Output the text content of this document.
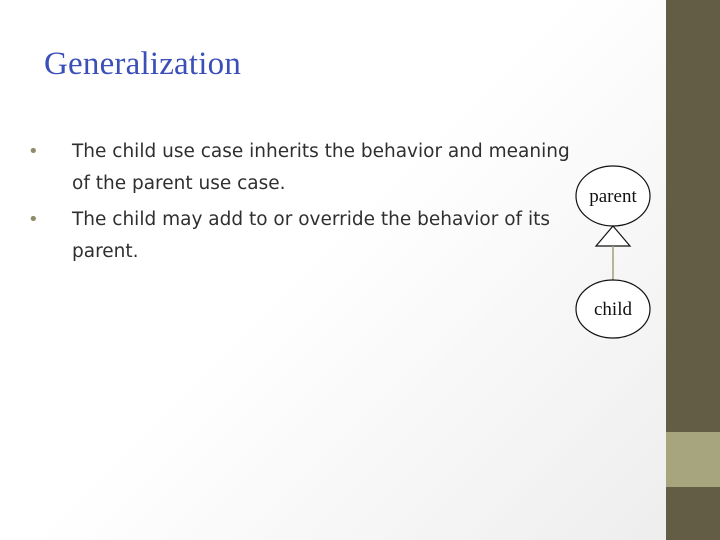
Generalization
• The child use case inherits the behavior and meaning of the parent use case.
• The child may add to or override the behavior of its parent.
parent
child
